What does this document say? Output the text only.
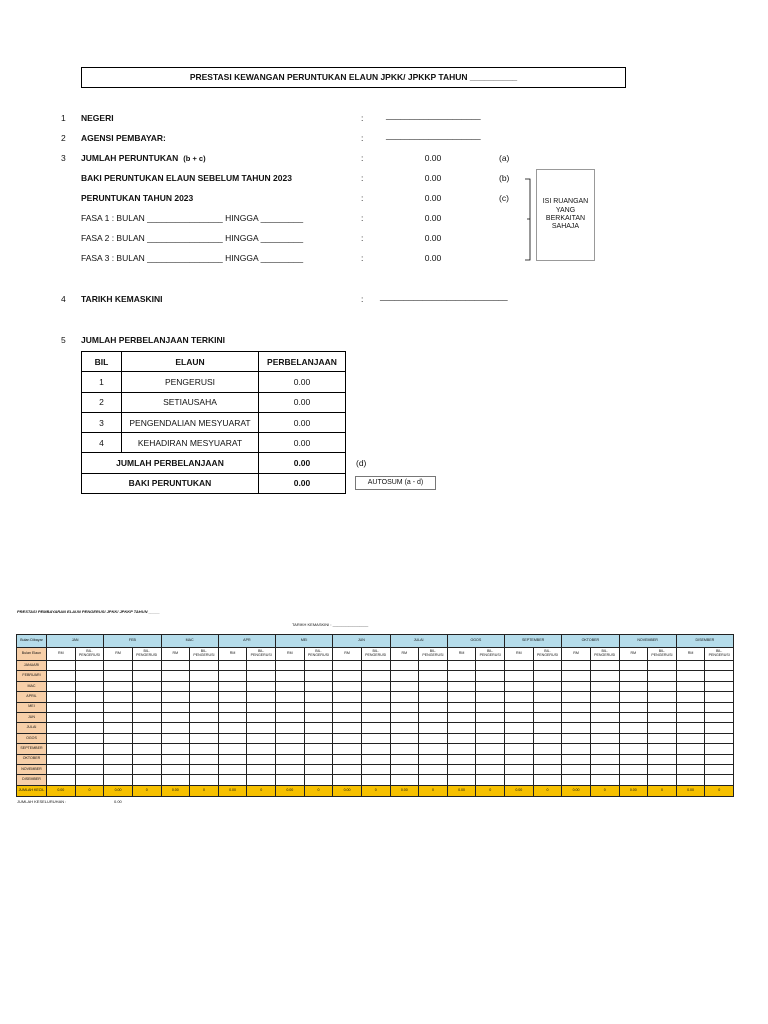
PRESTASI KEWANGAN PERUNTUKAN ELAUN JPKK/ JPKKP TAHUN __________
1 NEGERI	:	____________________
2 AGENSI PEMBAYAR:	:	____________________
3 JUMLAH PERUNTUKAN (b + c)	:	0.00	(a)
BAKI PERUNTUKAN ELAUN SEBELUM TAHUN 2023	:	0.00	(b)
PERUNTUKAN TAHUN 2023	:	0.00	(c)
FASA 1 : BULAN ________________ HINGGA _________	:	0.00
FASA 2 : BULAN ________________ HINGGA _________	:	0.00
FASA 3 : BULAN ________________ HINGGA _________	:	0.00
ISI RUANGAN YANG BERKAITAN SAHAJA
4 TARIKH KEMASKINI	: ___________________________
5 JUMLAH PERBELANJAAN TERKINI
BIL	ELAUN	PERBELANJAAN
1	PENGERUSI	0.00
2	SETIAUSAHA	0.00
3	PENGENDALIAN MESYUARAT	0.00
4	KEHADIRAN MESYUARAT	0.00
JUMLAH PERBELANJAAN		0.00
BAKI PERUNTUKAN		0.00
(d)
AUTOSUM (a - d)
PRESTASI PEMBAYARAN ELAUN PENGERUSI JPKK/ JPKKP TAHUN _____
TARIKH KEMASKINI : ________________
Bulan Dibayar	JAN		FEB		MAC		APR		MEI		JUN		JULAI		OGOS		SEPTEMBER		OKTOBER		NOVEMBER		DISEMBER	
Bulan Elaun	RM	BIL. PENGERUSI	RM	BIL. PENGERUSI	RM	BIL. PENGERUSI	RM	BIL. PENGERUSI	RM	BIL. PENGERUSI	RM	BIL. PENGERUSI	RM	BIL. PENGERUSI	RM	BIL. PENGERUSI	RM	BIL. PENGERUSI	RM	BIL. PENGERUSI	RM	BIL. PENGERUSI	RM	BIL. PENGERUSI
JANUARI																								
FEBRUARI																								
MAC																								
APRIL																								
MEI																								
JUN																								
JULAI																								
OGOS																								
SEPTEMBER																								
OKTOBER																								
NOVEMBER																								
DISEMBER																								
JUMLAH KECIL	0.00	0	0.00	0	0.00	0	0.00	0	0.00	0	0.00	0	0.00	0	0.00	0	0.00	0	0.00	0	0.00	0	0.00	0
JUMLAH KESELURUHAN :	0.00
